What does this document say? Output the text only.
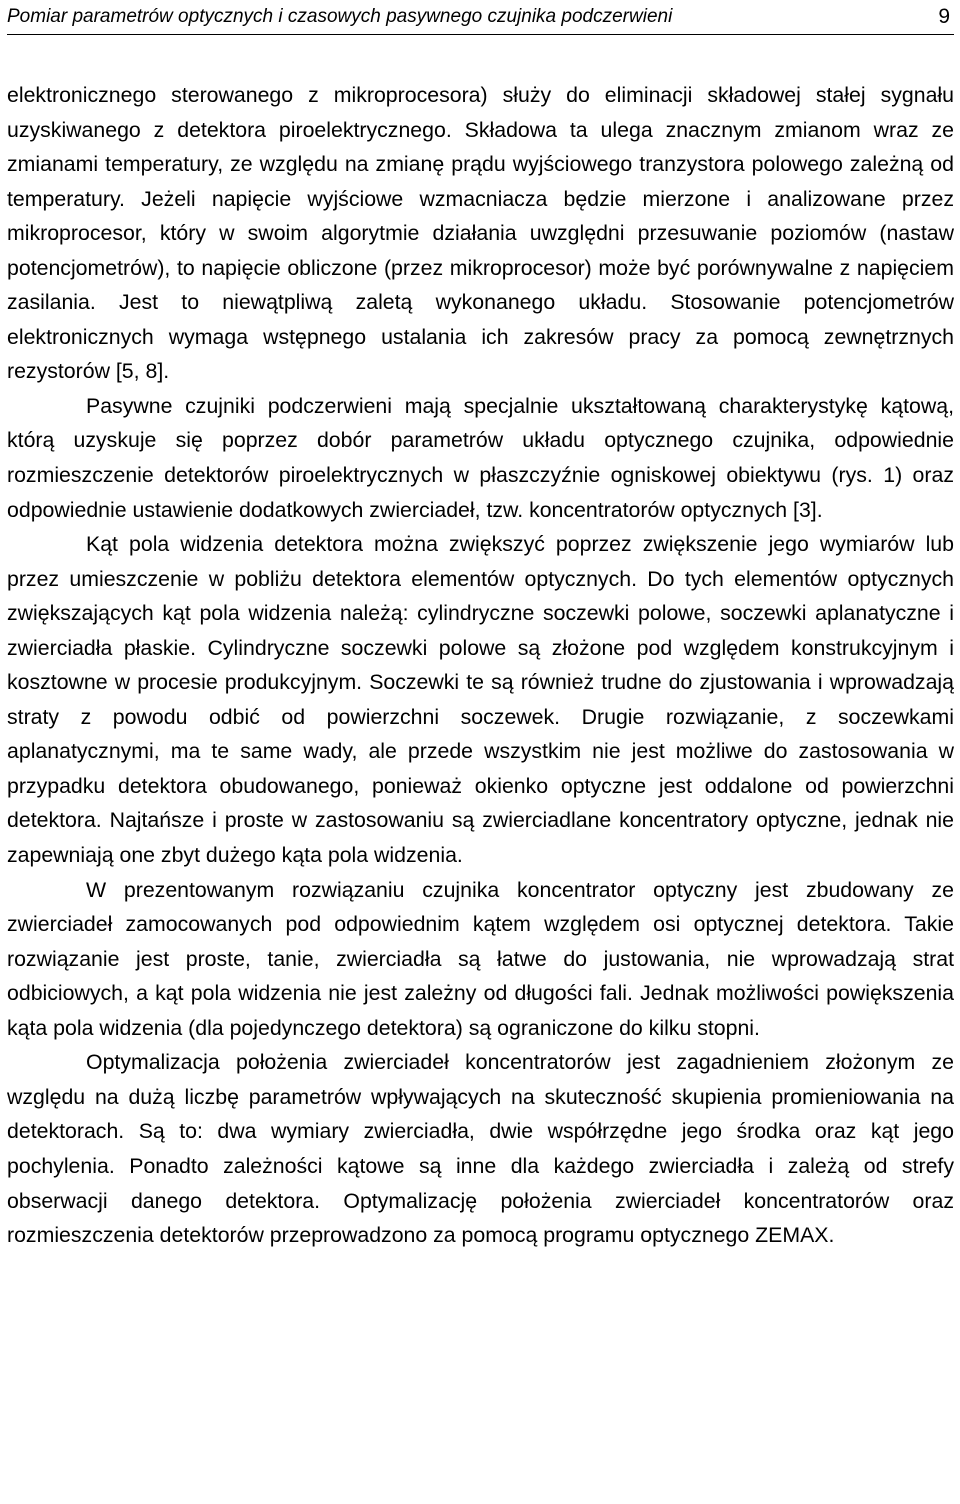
Pomiar parametrów optycznych i czasowych pasywnego czujnika podczerwieni	9

elektronicznego sterowanego z mikroprocesora) służy do eliminacji składowej stałej sygnału uzyskiwanego z detektora piroelektrycznego. Składowa ta ulega znacznym zmianom wraz ze zmianami temperatury, ze względu na zmianę prądu wyjściowego tranzystora polowego zależną od temperatury. Jeżeli napięcie wyjściowe wzmacniacza będzie mierzone i analizowane przez mikroprocesor, który w swoim algorytmie działania uwzględni przesuwanie poziomów (nastaw potencjometrów), to napięcie obliczone (przez mikroprocesor) może być porównywalne z napięciem zasilania. Jest to niewątpliwą zaletą wykonanego układu. Stosowanie potencjometrów elektronicznych wymaga wstępnego ustalania ich zakresów pracy za pomocą zewnętrznych rezystorów [5, 8].

Pasywne czujniki podczerwieni mają specjalnie ukształtowaną charakterystykę kątową, którą uzyskuje się poprzez dobór parametrów układu optycznego czujnika, odpowiednie rozmieszczenie detektorów piroelektrycznych w płaszczyźnie ogniskowej obiektywu (rys. 1) oraz odpowiednie ustawienie dodatkowych zwierciadeł, tzw. koncentratorów optycznych [3].

Kąt pola widzenia detektora można zwiększyć poprzez zwiększenie jego wymiarów lub przez umieszczenie w pobliżu detektora elementów optycznych. Do tych elementów optycznych zwiększających kąt pola widzenia należą: cylindryczne soczewki polowe, soczewki aplanatyczne i zwierciadła płaskie. Cylindryczne soczewki polowe są złożone pod względem konstrukcyjnym i kosztowne w procesie produkcyjnym. Soczewki te są również trudne do zjustowania i wprowadzają straty z powodu odbić od powierzchni soczewek. Drugie rozwiązanie, z soczewkami aplanatycznymi, ma te same wady, ale przede wszystkim nie jest możliwe do zastosowania w przypadku detektora obudowanego, ponieważ okienko optyczne jest oddalone od powierzchni detektora. Najtańsze i proste w zastosowaniu są zwierciadlane koncentratory optyczne, jednak nie zapewniają one zbyt dużego kąta pola widzenia.

W prezentowanym rozwiązaniu czujnika koncentrator optyczny jest zbudowany ze zwierciadeł zamocowanych pod odpowiednim kątem względem osi optycznej detektora. Takie rozwiązanie jest proste, tanie, zwierciadła są łatwe do justowania, nie wprowadzają strat odbiciowych, a kąt pola widzenia nie jest zależny od długości fali. Jednak możliwości powiększenia kąta pola widzenia (dla pojedynczego detektora) są ograniczone do kilku stopni.

Optymalizacja położenia zwierciadeł koncentratorów jest zagadnieniem złożonym ze względu na dużą liczbę parametrów wpływających na skuteczność skupienia promieniowania na detektorach. Są to: dwa wymiary zwierciadła, dwie współrzędne jego środka oraz kąt jego pochylenia. Ponadto zależności kątowe są inne dla każdego zwierciadła i zależą od strefy obserwacji danego detektora. Optymalizację położenia zwierciadeł koncentratorów oraz rozmieszczenia detektorów przeprowadzono za pomocą programu optycznego ZEMAX.
